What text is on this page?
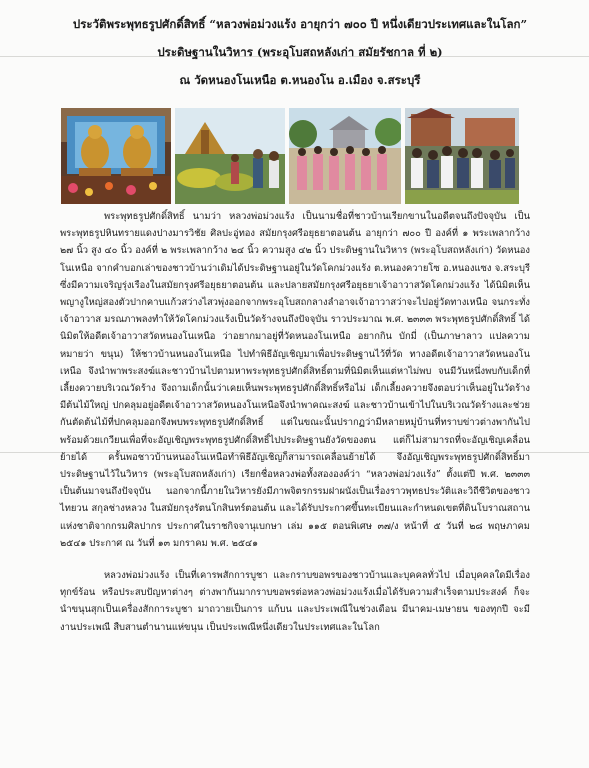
ประวัติพระพุทธรูปศักดิ์สิทธิ์ “หลวงพ่อม่วงแร้ง อายุกว่า ๗๐๐ ปี หนึ่งเดียวประเทศและในโลก”
ประดิษฐานในวิหาร (พระอุโบสถหลังเก่า สมัยรัชกาล ที่ ๒)
ณ วัดหนองโนเหนือ ต.หนองโน อ.เมือง จ.สระบุรี

พระพุทธรูปศักดิ์สิทธิ์ นามว่า หลวงพ่อม่วงแร้ง เป็นนามชื่อที่ชาวบ้านเรียกขานในอดีตจนถึงปัจจุบัน เป็นพระพุทธรูปหินทรายแดงปางมารวิชัย ศิลปะอู่ทอง สมัยกรุงศรีอยุธยาตอนต้น อายุกว่า ๗๐๐ ปี องค์ที่ ๑ พระเพลากว้าง ๒๗ นิ้ว สูง ๔๐ นิ้ว องค์ที่ ๒ พระเพลากว้าง ๒๔ นิ้ว ความสูง ๔๒ นิ้ว ประดิษฐานในวิหาร (พระอุโบสถหลังเก่า) วัดหนองโนเหนือ จากคำบอกเล่าของชาวบ้านว่าเดิมได้ประดิษฐานอยู่ในวัดโคกม่วงแร้ง ต.หนองควายโซ อ.หนองแซง จ.สระบุรี ซึ่งมีความเจริญรุ่งเรืองในสมัยกรุงศรีอยุธยาตอนต้น และปลายสมัยกรุงศรีอยุธยาเจ้าอาวาสวัดโคกม่วงแร้ง ได้นิมิตเห็นพญางูใหญ่สองตัวปากคาบแก้วสว่างไสวพุ่งออกจากพระอุโบสถกลางลำอาจเจ้าอาวาสว่าจะไปอยู่วัดทางเหนือ จนกระทั่งเจ้าอาวาส มรณภาพลงทำให้วัดโคกม่วงแร้งเป็นวัดร้างจนถึงปัจจุบัน ราวประมาณ พ.ศ. ๒๓๓๓ พระพุทธรูปศักดิ์สิทธิ์ ได้นิมิตให้อดีตเจ้าอาวาสวัดหนองโนเหนือ ว่าอยากมาอยู่ที่วัดหนองโนเหนือ อยากกิน บักมี่ (เป็นภาษาลาว แปลความหมายว่า ขนุน) ให้ชาวบ้านหนองโนเหนือ ไปทำพิธีอัญเชิญมาเพื่อประดิษฐานไว้ที่วัด ทางอดีตเจ้าอาวาสวัดหนองโนเหนือ จึงนำพาพระสงฆ์และชาวบ้านไปตามหาพระพุทธรูปศักดิ์สิทธิ์ตามที่นิมิตเห็นแต่หาไม่พบ จนมีวันหนึ่งพบกับเด็กที่เลี้ยงควายบริเวณวัดร้าง จึงถามเด็กนั้นว่าเคยเห็นพระพุทธรูปศักดิ์สิทธิ์หรือไม่ เด็กเลี้ยงควายจึงตอบว่าเห็นอยู่ในวัดร้างมีต้นไม้ใหญ่ ปกคลุมอยู่อดีตเจ้าอาวาสวัดหนองโนเหนือจึงนำพาคณะสงฆ์ และชาวบ้านเข้าไปในบริเวณวัดร้างและช่วยกันตัดต้นไม้ที่ปกคลุมออกจึงพบพระพุทธรูปศักดิ์สิทธิ์ แต่ในขณะนั้นปรากฏว่ามีหลายหมู่บ้านที่ทราบข่าวต่างพากันไปพร้อมด้วยเกวียนเพื่อที่จะอัญเชิญพระพุทธรูปศักดิ์สิทธิ์ไปประดิษฐานยังวัดของตน แต่ก็ไม่สามารถที่จะอัญเชิญเคลื่อนย้ายได้ ครั้นพอชาวบ้านหนองโนเหนือทำพิธีอัญเชิญก็สามารถเคลื่อนย้ายได้ จึงอัญเชิญพระพุทธรูปศักดิ์สิทธิ์มาประดิษฐานไว้ในวิหาร (พระอุโบสถหลังเก่า) เรียกชื่อหลวงพ่อทั้งสององค์ว่า “หลวงพ่อม่วงแร้ง” ตั้งแต่ปี พ.ศ. ๒๓๓๓ เป็นต้นมาจนถึงปัจจุบัน นอกจากนี้ภายในวิหารยังมีภาพจิตรกรรมฝาผนังเป็นเรื่องราวพุทธประวัติและวิถีชีวิตของชาวไทยวน สกุลช่างหลวง ในสมัยกรุงรัตนโกสินทร์ตอนต้น และได้รับประกาศขึ้นทะเบียนและกำหนดเขตที่ดินโบราณสถานแห่งชาติจากกรมศิลปากร ประกาศในราชกิจจานุเบกษา เล่ม ๑๑๕ ตอนพิเศษ ๓๗/ง หน้าที่ ๕ วันที่ ๒๘ พฤษภาคม ๒๕๔๑ ประกาศ ณ วันที่ ๑๓ มกราคม พ.ศ. ๒๕๔๑

หลวงพ่อม่วงแร้ง เป็นที่เคารพสักการบูชา และกราบขอพรของชาวบ้านและบุคคลทั่วไป เมื่อบุคคลใดมีเรื่องทุกข์ร้อน หรือประสบปัญหาต่างๆ ต่างพากันมากราบขอพรต่อหลวงพ่อม่วงแร้งเมื่อได้รับความสำเร็จตามประสงค์ ก็จะนำขนุนสุกเป็นเครื่องสักการะบูชา มาถวายเป็นการ แก้บน และประเพณีในช่วงเดือน มีนาคม-เมษายน ของทุกปี จะมีงานประเพณี สืบสานตำนานแห่ขนุน เป็นประเพณีหนึ่งเดียวในประเทศและในโลก
